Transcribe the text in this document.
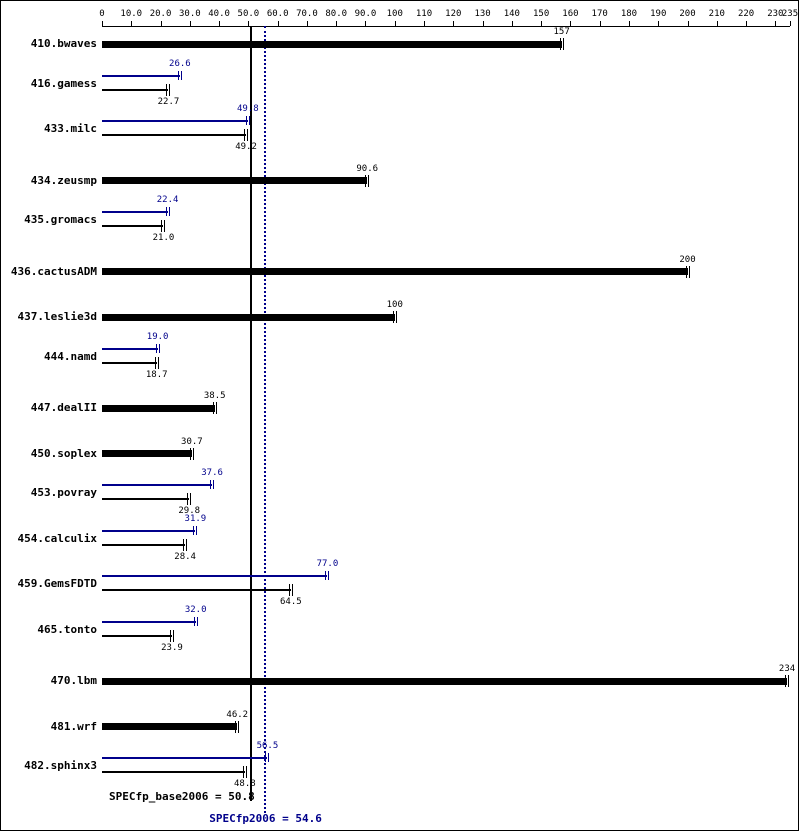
0	10.0 20.0 30.0 40.0 50.0 60.0 70.0 80.0 90.0	100	110	120	130	140	150	160	170	180	190	200	210	220	230
235
410.bwaves
157
416.gamess
26.6
22.7
433.milc
49.8
49.2
434.zeusmp
90.6
435.gromacs
22.4
21.0
436.cactusADM
200
437.leslie3d
100
444.namd
19.0
18.7
447.dealII
38.5
450.soplex
30.7
453.povray
37.6
29.8
454.calculix
31.9
28.4
459.GemsFDTD
77.0
64.5
465.tonto
32.0
23.9
470.lbm
234
481.wrf
46.2
482.sphinx3
56.5
48.8
SPECfp_base2006 = 50.8
SPECfp2006 = 54.6
